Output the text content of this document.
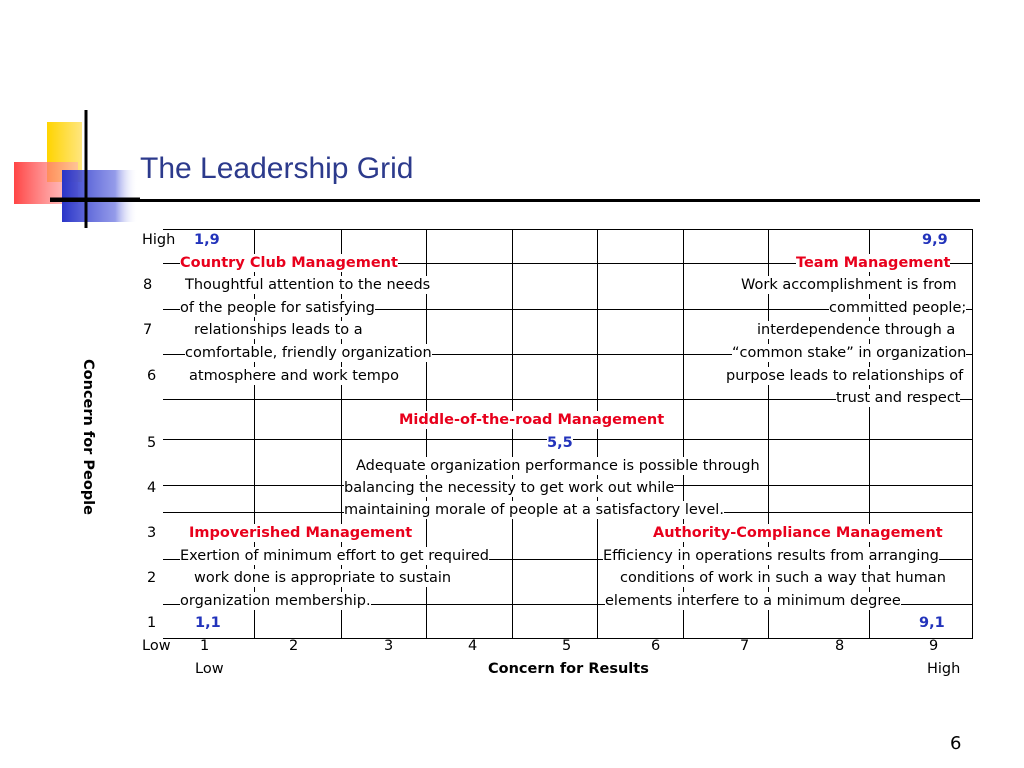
The Leadership Grid
Concern for People
High
8
7
6
5
4
3
2
1
1,9
Country Club Management
Thoughtful attention to the needs
of the people for satisfying
relationships leads to a
comfortable, friendly organization
atmosphere and work tempo
9,9
Team Management
Work accomplishment is from
committed people;
interdependence through a
“common stake” in organization
purpose leads to relationships of
trust and respect
Middle-of-the-road Management
5,5
Adequate organization performance is possible through
balancing the necessity to get work out while
maintaining morale of people at a satisfactory level.
Impoverished Management
Exertion of minimum effort to get required
work done is appropriate to sustain
organization membership.
1,1
Authority-Compliance Management
Efficiency in operations results from arranging
conditions of work in such a way that human
elements interfere to a minimum degree
9,1
Low 1	2	3	4	5	6	7	8	9
Low	Concern for Results	High
6
